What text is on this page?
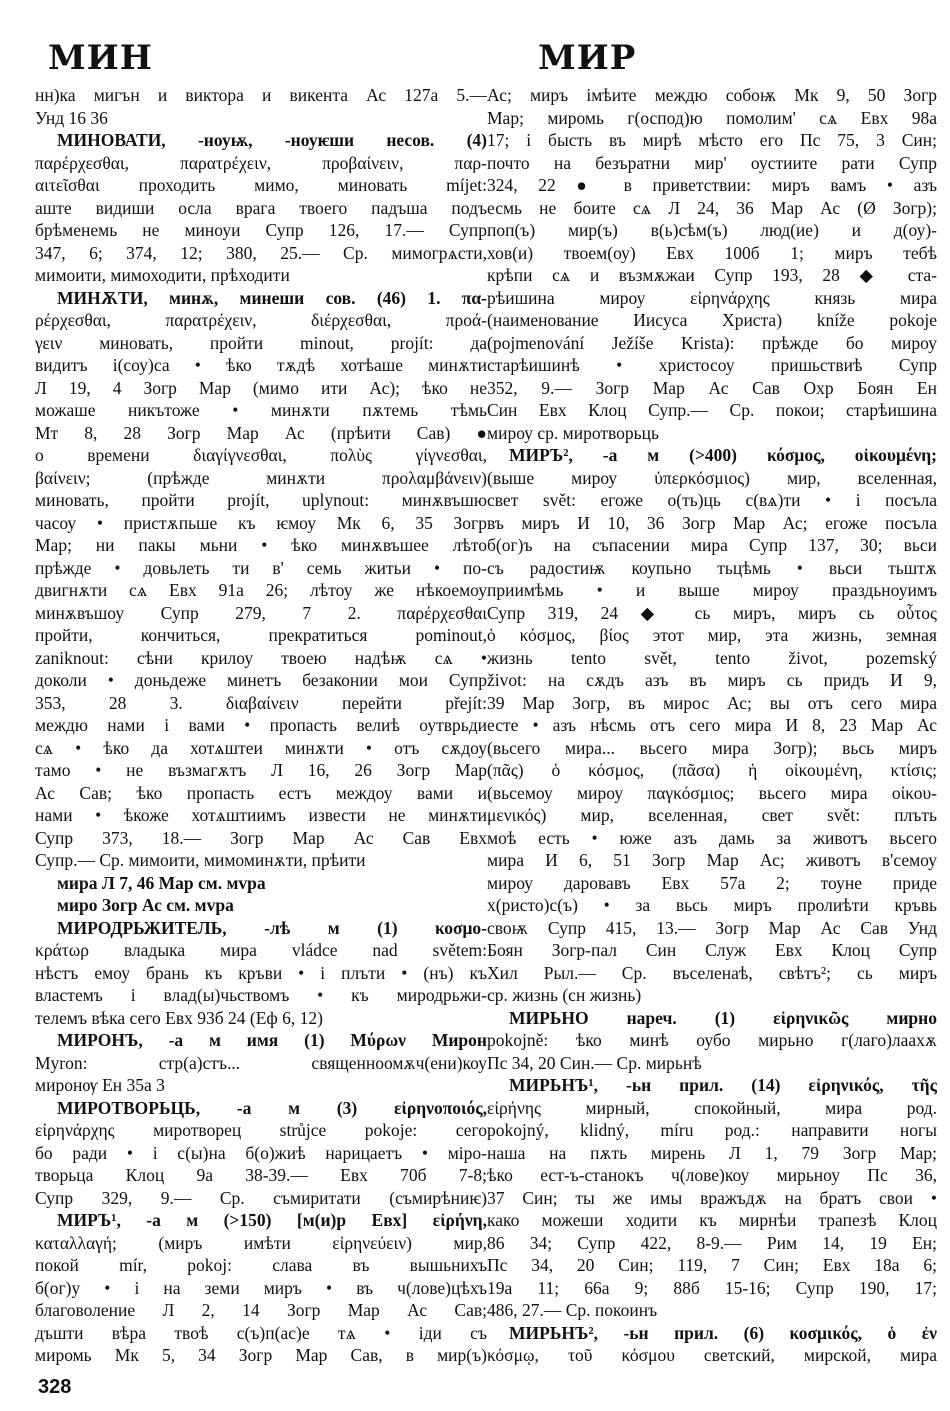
МИН	МИР
нн)ка мигън и виктора и викента Ас 127а 5.—
Унд 16 36
МИНОВАТИ, -ноуѭ, -ноуѥши несов. (4)
παρέρχεσθαι, παρατρέχειν, προβαίνειν, παρ-
αιτεῖσθαι проходить мимо, миновать míjet:
аште видиши осла врага твоего падъша подъ
брѣменемь не миноуи Супр 126, 17.— Супр
347, 6; 374, 12; 380, 25.— Ср. мимогрѧсти,
мимоити, мимоходити, прѣходити
МИНѪТИ, минѫ, минеши сов. (46) 1. πα-
ρέρχεσθαι, παρατρέχειν, διέρχεσθαι, προά-
γειν миновать, пройти minout, projít: да
видитъ і(соу)са • ѣко тѫдѣ хотѣаше минѫти
Л 19, 4 Зогр Мар (мимо ити Ас); ѣко не
можаше никътоже • минѫти пѫтемь тѣмь
Мт 8, 28 Зогр Мар Ас (прѣити Сав) ●
о времени διαγίγνεσθαι, πολὺς γίγνεσθαι,
βαίνειν; (прѣжде минѫти προλαμβάνειν)
миновать, пройти projít, uplynout: минѫвъшю
часоу • пристѫпьше къ ѥмоу Мк 6, 35 Зогр
Мар; ни пакы мьни • ѣко минѫвъшее лѣто
прѣжде • довьлеть ти в' семь житьи • по-
двигнѫти сѧ Евх 91а 26; лѣтоу же нѣкоемоу
минѫвъшоу Супр 279, 7 2. παρέρχεσθαι
пройти, кончиться, прекратиться pominout,
zaniknout: сѣни крилоу твоею надѣѭ сѧ •
доколи • доньдеже минетъ безаконии мои Супр
353, 28 3. διαβαίνειν перейти přejít:
междю нами і вами • пропасть велиѣ оутврьди
сѧ • ѣко да хотѧштеи минѫти • отъ сѫдоу
тамо • не възмагѫтъ Л 16, 26 Зогр Мар
Ас Сав; ѣко пропасть естъ междоу вами и
нами • ѣкоже хотѧштиимъ извести не минѫти
Супр 373, 18.— Зогр Мар Ас Сав Евх
Супр.— Ср. мимоити, мимоминѫти, прѣити
мира Л 7, 46 Мар см. мvра
миро Зогр Ас см. мvра
МИРОДРЬЖИТЕЛЬ, -лѣ м (1) κοσμο-
κράτωρ владыка мира vládce nad světem:
нѣстъ емоу брань къ кръви • і плъти • (нъ) къ
властемъ і влад(ы)чьствомъ • къ миродрьжи-
телемъ вѣка сего Евх 93б 24 (Еф 6, 12)
МИРОНЪ, -а м имя (1) Μύρων Мирон
Myron: стр(а)стъ... священноомѫч(ени)коу
миронѹ Ен 35а 3
МИРОТВОРЬЦЬ, -а м (3) εἰρηνοποιός,
εἰρηνάρχης миротворец strůjce pokoje: сего
бо ради • і с(ы)на б(о)жиѣ нарицаетъ • міро-
творьца Клоц 9а 38-39.— Евх 70б 7-8;
Супр 329, 9.— Ср. съмиритати (съмирѣниѥ)
МИРЪ¹, -а м (>150) [м(и)р Евх] εἰρήνη,
καταλλαγή; (миръ имѣти εἰρηνεύειν) мир,
покой mír, pokoj: слава въ вышьнихъ
б(ог)у • і на земи миръ • въ ч(лове)цѣхъ
благоволение Л 2, 14 Зогр Мар Ас Сав;
дъшти вѣра твоѣ с(ъ)п(ас)е тѧ • іди съ
миромь Мк 5, 34 Зогр Мар Сав, в мир(ъ)
Ас; миръ імѣите междю собоѭ Мк 9, 50 Зогр
Мар; миромь г(оспод)ю помолим' сѧ Евх 98а
17; і бысть въ мирѣ мѣсто его Пс 75, 3 Син;
почто на безъратни мир' оустиите рати Супр
324, 22 ● в приветствии: миръ вамъ • азъ
есмь не боите сѧ Л 24, 36 Мар Ас (Ø Зогр);
поп(ъ) мир(ъ) в(ь)сѣм(ъ) люд(ие) и д(оу)-
хов(и) твоем(оу) Евх 100б 1; миръ тебѣ
крѣпи сѧ и възмѫжаи Супр 193, 28 ◆ ста-
рѣишина мироу εἰρηνάρχης князь мира
(наименование Иисуса Христа) kníže pokoje
(pojmenování Ježíše Krista): прѣжде бо мироу
старѣишинѣ • христосоу пришьствиѣ Супр
352, 9.— Зогр Мар Ас Сав Охр Боян Ен
Син Евх Клоц Супр.— Ср. покои; старѣишина
мироу ср. миротворьць
МИРЪ², -а м (>400) κόσμος, οἰκουμένη;
(выше мироу ὑπερκόσμιος) мир, вселенная,
свет svět: егоже о(ть)ць с(вѧ)ти • і посъла
въ миръ И 10, 36 Зогр Мар Ас; егоже посъла
б(ог)ъ на съпасении мира Супр 137, 30; вьси
съ радостиѭ коупьно тьцѣмь • вьси тьштѫ
приимѣмь • и выше мироу праздьноуимъ
Супр 319, 24 ◆ сь миръ, миръ сь οὗτος
ὁ κόσμος, βίος этот мир, эта жизнь, земная
жизнь tento svět, tento život, pozemský
život: на сѫдъ азъ въ миръ сь придъ И 9,
39 Мар Зогр, въ мирос Ас; вы отъ сего мира
есте • азъ нѣсмь отъ сего мира И 8, 23 Мар Ас
(вьсего мира... вьсего мира Зогр); вьсь миръ
(πᾶς) ὁ κόσμος, (πᾶσα) ἡ οἰκουμένη, κτίσις;
(вьсемоу мироу παγκόσμιος; вьсего мира οἰκου-
μενικός) мир, вселенная, свет svět: плъть
моѣ есть • юже азъ дамь за животъ вьсего
мира И 6, 51 Зогр Мар Ас; животъ в'семоу
мироу даровавъ Евх 57а 2; тоуне приде
х(ристо)с(ъ) • за вьсь миръ пролиѣти кръвь
своѭ Супр 415, 13.— Зогр Мар Ас Сав Унд
Боян Зогр-пал Син Служ Евх Клоц Супр
Хил Рыл.— Ср. въселенаѣ, свѣтъ²; сь миръ
ср. жизнь (сн жизнь)
МИРЬНО нареч. (1) εἰρηνικῶς мирно
pokojně: ѣко минѣ оубо мирьно г(лаго)лаахѫ
Пс 34, 20 Син.— Ср. мирьнѣ
МИРЬНЪ¹, -ьн прил. (14) εἰρηνικός, τῆς
εἰρήνης мирный, спокойный, мира род.
pokojný, klidný, míru род.: направити ногы
наша на пѫть мирень Л 1, 79 Зогр Мар;
ѣко ест-ъ-станокъ ч(лове)коу мирьноу Пс 36,
37 Син; ты же имы вражъдѫ на братъ свои •
како можеши ходити къ мирнѣи трапезѣ Клоц
86 34; Супр 422, 8-9.— Рим 14, 19 Ен;
Пс 34, 20 Син; 119, 7 Син; Евх 18а 6;
19а 11; 66а 9; 88б 15-16; Супр 190, 17;
486, 27.— Ср. покоинъ
МИРЬНЪ², -ьн прил. (6) κοσμικός, ὁ ἐν
κόσμῳ, τοῦ κόσμου светский, мирской, мира
328
